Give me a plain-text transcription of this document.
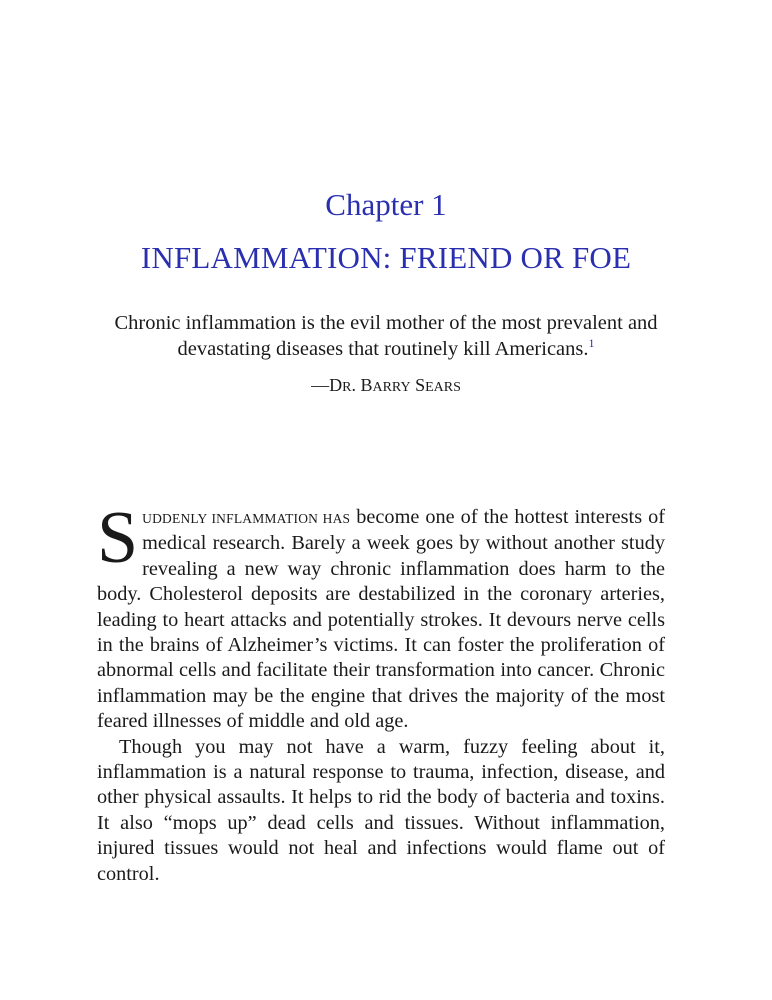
Chapter 1
INFLAMMATION: FRIEND OR FOE
Chronic inflammation is the evil mother of the most prevalent and devastating diseases that routinely kill Americans.$^1$
—DR. BARRY SEARS

SUDDENLY INFLAMMATION HAS become one of the hottest interests of medical research. Barely a week goes by without another study revealing a new way chronic inflammation does harm to the body. Cholesterol deposits are destabilized in the coronary arteries, leading to heart attacks and potentially strokes. It devours nerve cells in the brains of Alzheimer’s victims. It can foster the proliferation of abnormal cells and facilitate their transformation into cancer. Chronic inflammation may be the engine that drives the majority of the most feared illnesses of middle and old age.

Though you may not have a warm, fuzzy feeling about it, inflammation is a natural response to trauma, infection, disease, and other physical assaults. It helps to rid the body of bacteria and toxins. It also “mops up” dead cells and tissues. Without inflammation, injured tissues would not heal and infections would flame out of control.
